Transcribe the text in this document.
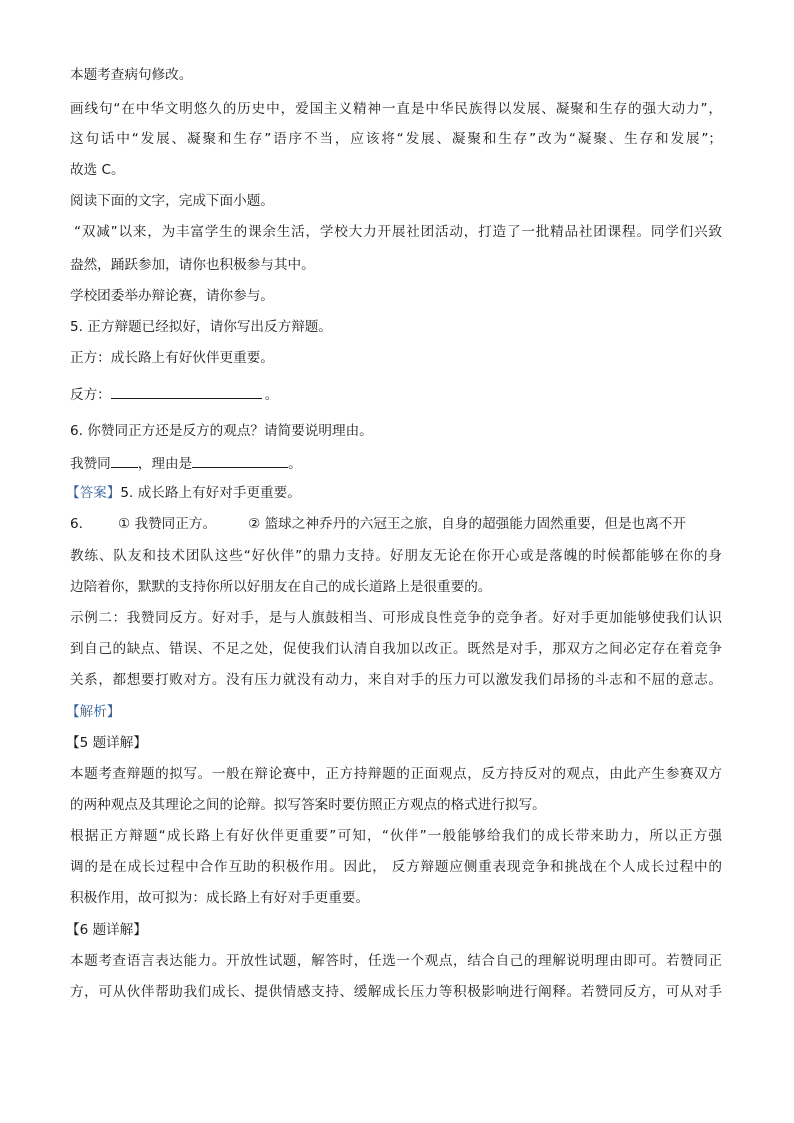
本题考查病句修改。
画线句“在中华文明悠久的历史中，爱国主义精神一直是中华民族得以发展、凝聚和生存的强大动力”，
这句话中“发展、凝聚和生存”语序不当，应该将“发展、凝聚和生存”改为“凝聚、生存和发展”；
故选 C。
阅读下面的文字，完成下面小题。
“双减”以来，为丰富学生的课余生活，学校大力开展社团活动，打造了一批精品社团课程。同学们兴致
盎然，踊跃参加，请你也积极参与其中。
学校团委举办辩论赛，请你参与。
5. 正方辩题已经拟好，请你写出反方辩题。
正方：成长路上有好伙伴更重要。
反方：	。
6. 你赞同正方还是反方的观点？请简要说明理由。
我赞同 ，理由是	。
【答案】5. 成长路上有好对手更重要。
6.	① 我赞同正方。 ② 篮球之神乔丹的六冠王之旅，自身的超强能力固然重要，但是也离不开
教练、队友和技术团队这些“好伙伴”的鼎力支持。好朋友无论在你开心或是落魄的时候都能够在你的身
边陪着你，默默的支持你所以好朋友在自己的成长道路上是很重要的。
示例二：我赞同反方。好对手，是与人旗鼓相当、可形成良性竞争的竞争者。好对手更加能够使我们认识
到自己的缺点、错误、不足之处，促使我们认清自我加以改正。既然是对手，那双方之间必定存在着竞争
关系，都想要打败对方。没有压力就没有动力，来自对手的压力可以激发我们昂扬的斗志和不屈的意志。
【解析】
【5 题详解】
本题考查辩题的拟写。一般在辩论赛中，正方持辩题的正面观点，反方持反对的观点，由此产生参赛双方
的两种观点及其理论之间的论辩。拟写答案时要仿照正方观点的格式进行拟写。
根据正方辩题“成长路上有好伙伴更重要”可知，“伙伴”一般能够给我们的成长带来助力，所以正方强
调的是在成长过程中合作互助的积极作用。因此， 反方辩题应侧重表现竞争和挑战在个人成长过程中的
积极作用，故可拟为：成长路上有好对手更重要。
【6 题详解】
本题考查语言表达能力。开放性试题，解答时，任选一个观点，结合自己的理解说明理由即可。若赞同正
方，可从伙伴帮助我们成长、提供情感支持、缓解成长压力等积极影响进行阐释。若赞同反方，可从对手
